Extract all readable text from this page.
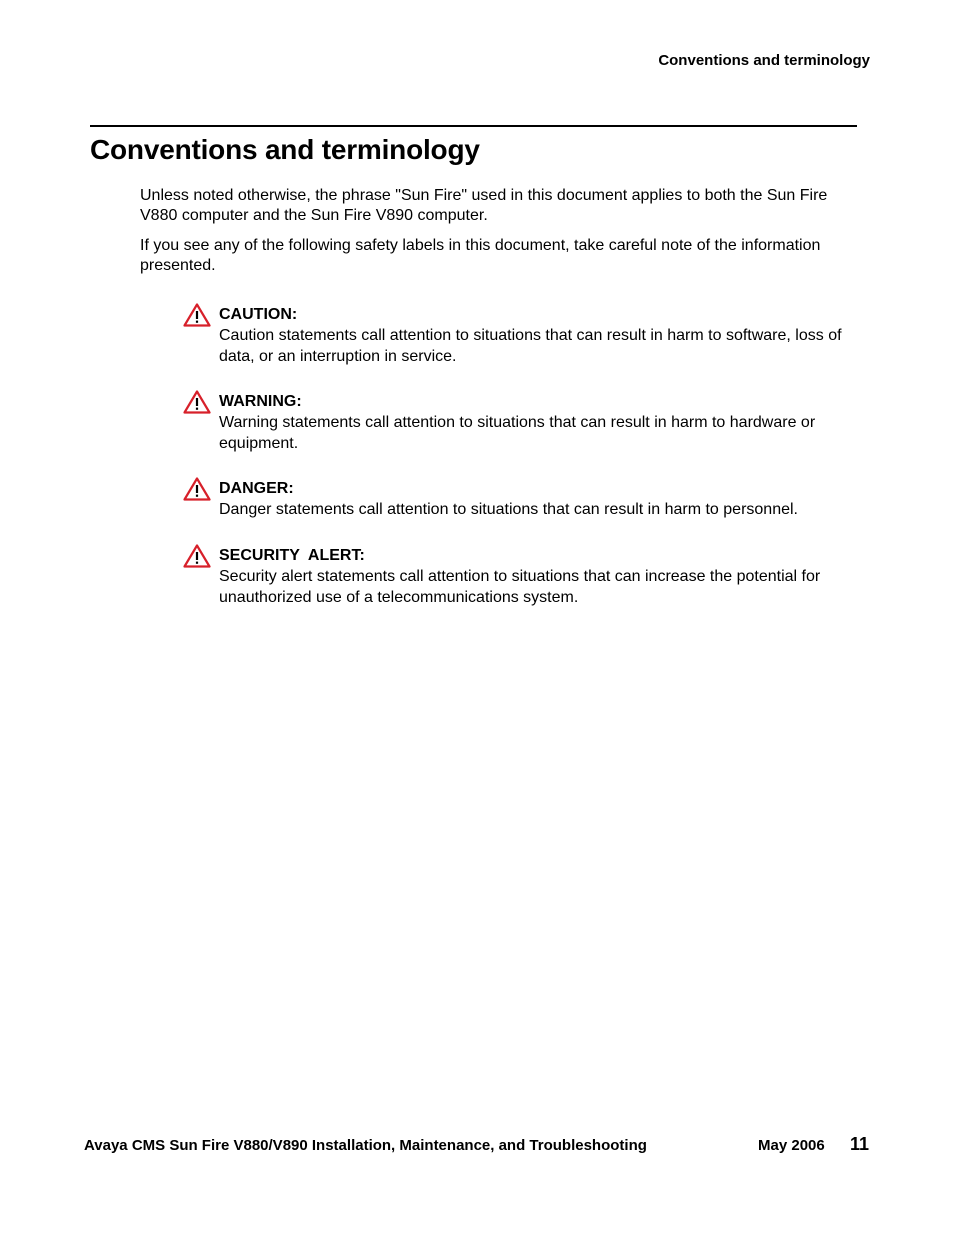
Conventions and terminology
Conventions and terminology

Unless noted otherwise, the phrase "Sun Fire" used in this document applies to both the Sun Fire V880 computer and the Sun Fire V890 computer.

If you see any of the following safety labels in this document, take careful note of the information presented.

CAUTION:
Caution statements call attention to situations that can result in harm to software, loss of data, or an interruption in service.
WARNING:
Warning statements call attention to situations that can result in harm to hardware or equipment.
DANGER:
Danger statements call attention to situations that can result in harm to personnel.
SECURITY  ALERT:
Security alert statements call attention to situations that can increase the potential for unauthorized use of a telecommunications system.
Avaya CMS Sun Fire V880/V890 Installation, Maintenance, and Troubleshooting	May 2006 11
